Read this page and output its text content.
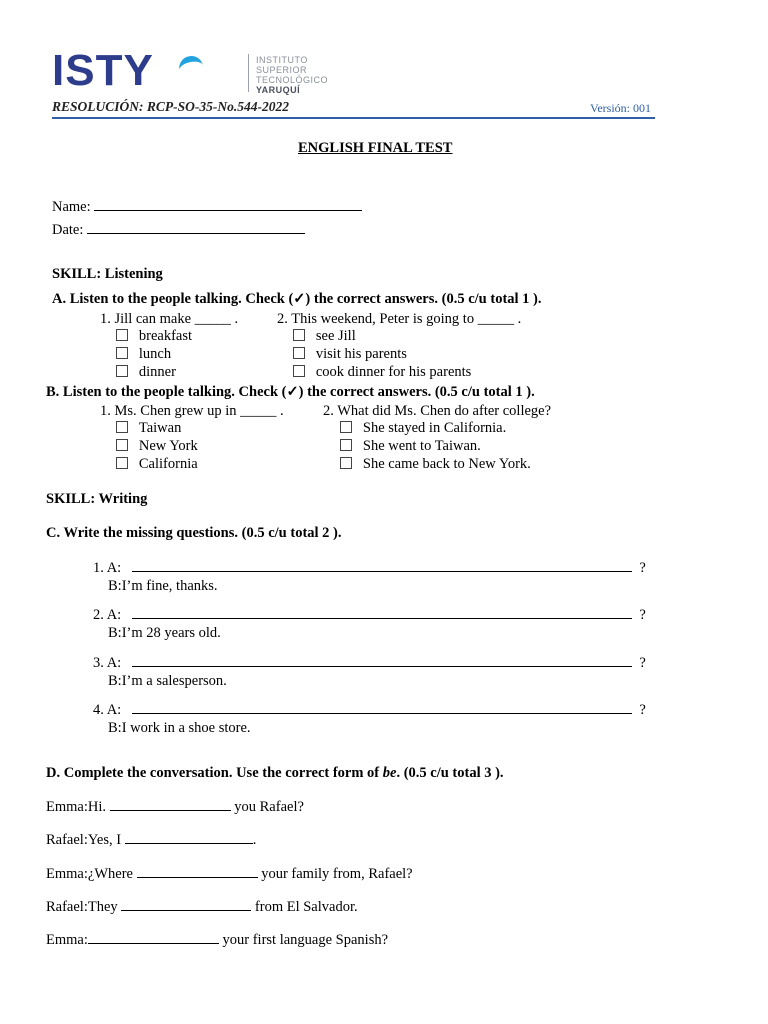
ISTY	INSTITUTO
SUPERIOR
TECNOLÓGICO
YARUQUÍ
RESOLUCIÓN: RCP-SO-35-No.544-2022	Versión: 001
ENGLISH FINAL TEST
Name:
Date:
SKILL: Listening
A. Listen to the people talking. Check (✓) the correct answers. (0.5 c/u total 1 ).
1. Jill can make _____ .	2. This weekend, Peter is going to _____ .
breakfast
lunch
dinner
see Jill
visit his parents
cook dinner for his parents
B. Listen to the people talking. Check (✓) the correct answers. (0.5 c/u total 1 ).
1. Ms. Chen grew up in _____ .	2. What did Ms. Chen do after college?
Taiwan
New York
California
She stayed in California.
She went to Taiwan.
She came back to New York.
SKILL: Writing
C. Write the missing questions. (0.5 c/u total 2 ).
1. A:	?
B:I’m fine, thanks.
2. A:	?
B:I’m 28 years old.
3. A:	?
B:I’m a salesperson.
4. A:	?
B:I work in a shoe store.
D. Complete the conversation. Use the correct form of be. (0.5 c/u total 3 ).
Emma:Hi.	you Rafael?
Rafael:Yes, I	.
Emma:¿Where	your family from, Rafael?
Rafael:They	from El Salvador.
Emma:	your first language Spanish?
